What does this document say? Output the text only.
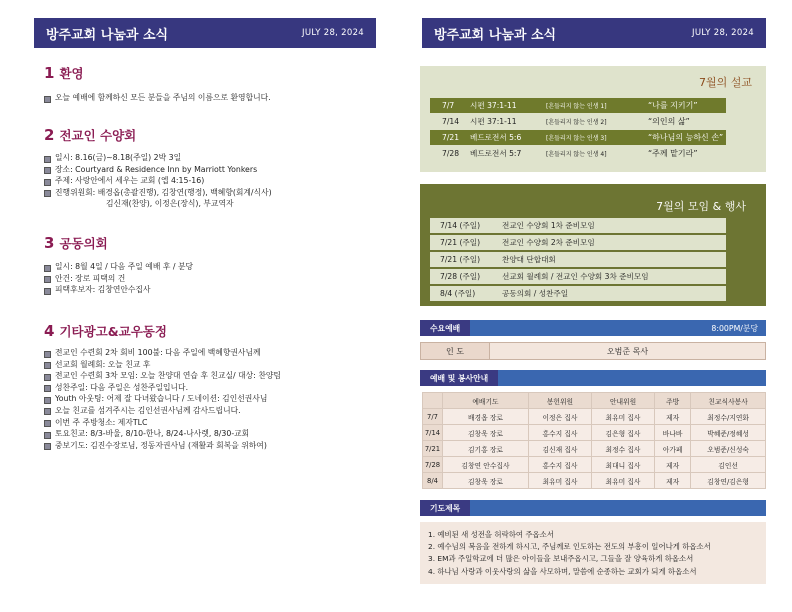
방주교회 나눔과 소식	JULY 28, 2024	방주교회 나눔과 소식	JULY 28, 2024
1 환영
오늘 예배에 함께하신 모든 분들을 주님의 이름으로 환영합니다.
2 전교인 수양회
일시: 8.16(금)~8.18(주일) 2박 3일
장소: Courtyard & Residence Inn by Marriott Yonkers
주제: 사랑안에서 세우는 교회 (엡 4:15-16)
진행위원회: 배경옵(총괄진행), 김창연(행정), 백혜향(회계/식사)
김신재(찬양), 이정은(장식), 부교역자
3 공동의회
일시: 8월 4일 / 다음 주일 예배 후 / 분당
안건: 장로 피택의 건
피택후보자: 김창연안수집사
4 기타광고&교우동정
전교인 수련회 2차 회비 100불: 다음 주일에 백혜향권사님께
선교회 월례회: 오늘 친교 후
전교인 수련회 3차 모임: 오늘 찬양대 연습 후 친교실/ 대상: 찬양팀
성찬주일: 다음 주일은 성찬주일입니다.
Youth 아웃팅: 어제 잘 다녀왔습니다 / 도네이션: 김인선권사님
오늘 친교를 섬겨주시는 김인선권사님께 감사드립니다.
이번 주 주방청소: 제자TLC
토요친교: 8/3-바울, 8/10-한나, 8/24-나사렛, 8/30-교회
중보기도: 김진수장로님, 정동자권사님 (재활과 회복을 위하여)
7월의 설교
7/7	시편 37:1-11	[흔들리지 않는 인생 1]	“나를 지키기”
7/14	시편 37:1-11	[흔들리지 않는 인생 2]	“의인의 삶”
7/21	베드로전서 5:6	[흔들리지 않는 인생 3]	“하나님의 능하신 손”
7/28	베드로전서 5:7	[흔들리지 않는 인생 4]	“주께 맡기라”
7월의 모임 & 행사
7/14 (주일)	전교인 수양회 1차 준비모임
7/21 (주일)	전교인 수양회 2차 준비모임
7/21 (주일)	찬양대 단합대회
7/28 (주일)	선교회 월례회 / 전교인 수양회 3차 준비모임
8/4 (주일)	공동의회 / 성찬주일
수요예배	8:00PM/분당
인 도	오범준 목사
예배 및 봉사안내
	예배기도	봉헌위원	안내위원	주방	친교식사봉사
7/7	배경옵 장로	이정은 집사	최유미 집사	제자	최정수/지연화
7/14	김창욱 장로	홍수지 집사	김은형 집사	바나바	박혜준/정혜성
7/21	김기홍 장로	김신재 집사	최정수 집사	아가페	오범준/신성숙
7/28	김창연 안수집사	홍수지 집사	최대니 집사	제자	김인선
8/4	김창욱 장로	최유미 집사	최유미 집사	제자	김창연/김은형
기도제목
1. 예비된 새 성전을 허락하여 주옵소서
2. 예수님의 복음을 전하게 하시고, 주님께로 인도하는 전도의 부흥이 일어나게 하옵소서
3. EM과 주일학교에 더 많은 아이들을 보내주옵시고, 그들을 잘 양육하게 하옵소서
4. 하나님 사랑과 이웃사랑의 삶을 사모하며, 말씀에 순종하는 교회가 되게 하옵소서
